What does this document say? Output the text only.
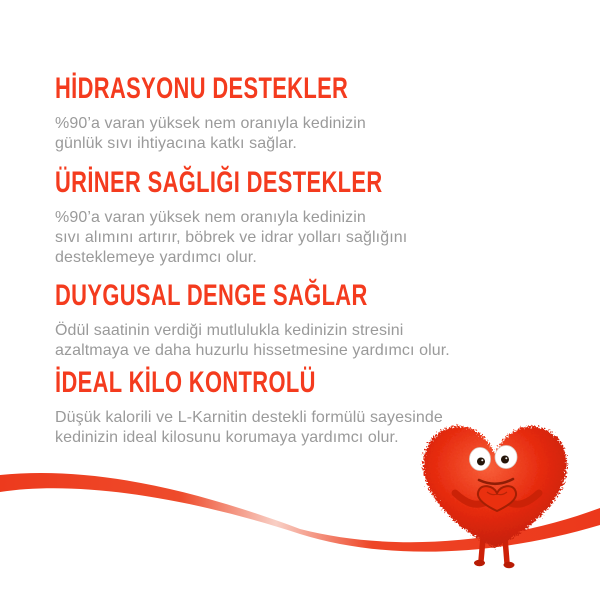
HİDRASYONU DESTEKLER

%90’a varan yüksek nem oranıyla kedinizin
günlük sıvı ihtiyacına katkı sağlar.

ÜRİNER SAĞLIĞI DESTEKLER

%90’a varan yüksek nem oranıyla kedinizin
sıvı alımını artırır, böbrek ve idrar yolları sağlığını
desteklemeye yardımcı olur.

DUYGUSAL DENGE SAĞLAR

Ödül saatinin verdiği mutlulukla kedinizin stresini
azaltmaya ve daha huzurlu hissetmesine yardımcı olur.

İDEAL KİLO KONTROLÜ

Düşük kalorili ve L-Karnitin destekli formülü sayesinde
kedinizin ideal kilosunu korumaya yardımcı olur.
